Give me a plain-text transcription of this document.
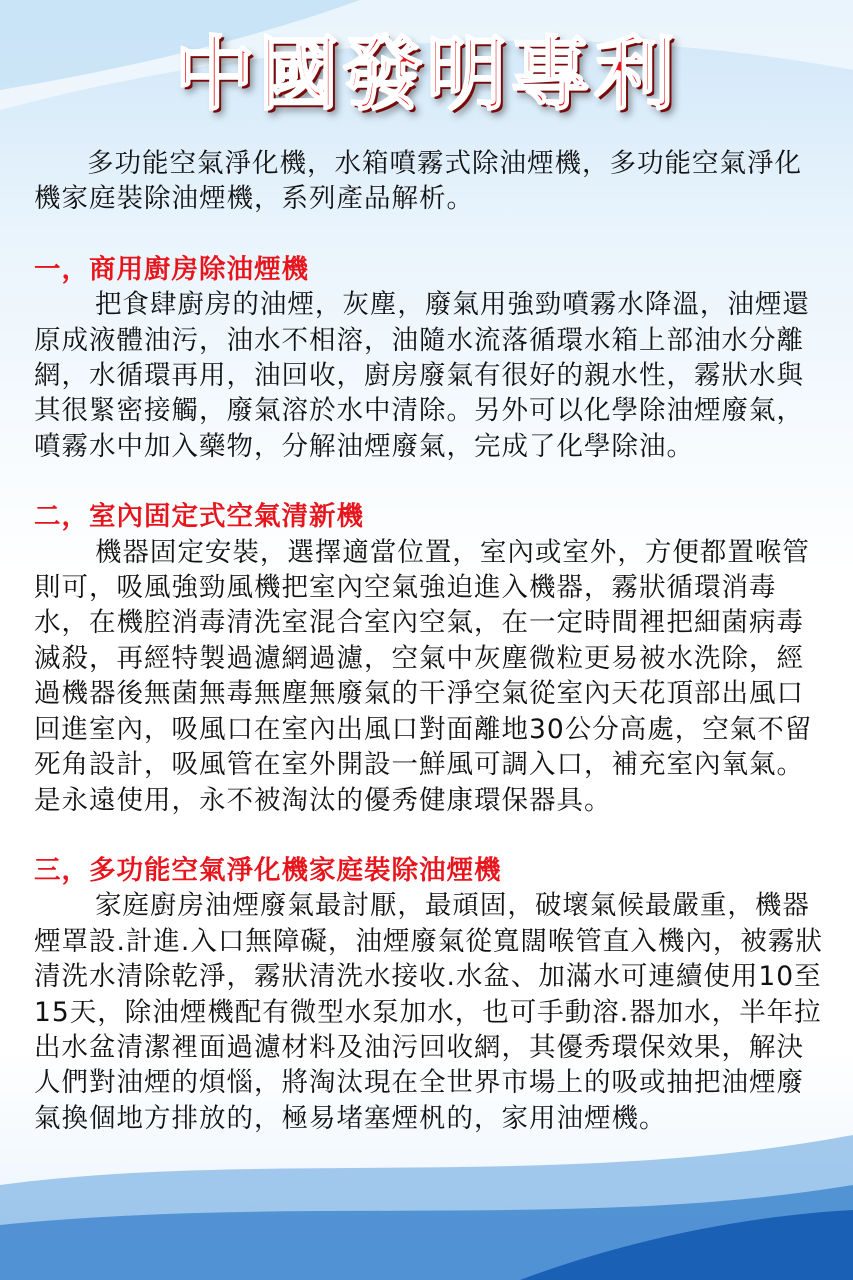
中國發明專利

多功能空氣淨化機，水箱噴霧式除油煙機，多功能空氣淨化機家庭裝除油煙機，系列產品解析。

一，商用廚房除油煙機

把食肆廚房的油煙，灰塵，廢氣用強勁噴霧水降溫，油煙還原成液體油污，油水不相溶，油隨水流落循環水箱上部油水分離網，水循環再用，油回收，廚房廢氣有很好的親水性，霧狀水與其很緊密接觸，廢氣溶於水中清除。另外可以化學除油煙廢氣，噴霧水中加入藥物，分解油煙廢氣，完成了化學除油。

二，室內固定式空氣清新機

機器固定安裝，選擇適當位置，室內或室外，方便都置喉管則可，吸風強勁風機把室內空氣強迫進入機器，霧狀循環消毒水，在機腔消毒清洗室混合室內空氣，在一定時間裡把細菌病毒滅殺，再經特製過濾網過濾，空氣中灰塵微粒更易被水洗除，經過機器後無菌無毒無塵無廢氣的干淨空氣從室內天花頂部出風口回進室內，吸風口在室內出風口對面離地30公分高處，空氣不留死角設計，吸風管在室外開設一鮮風可調入口，補充室內氧氣。是永遠使用，永不被淘汰的優秀健康環保器具。

三，多功能空氣淨化機家庭裝除油煙機

家庭廚房油煙廢氣最討厭，最頑固，破壞氣候最嚴重，機器煙罩設.計進.入口無障礙，油煙廢氣從寬闊喉管直入機內，被霧狀清洗水清除乾淨，霧狀清洗水接收.水盆、加滿水可連續使用10至15天，除油煙機配有微型水泵加水，也可手動溶.器加水，半年拉出水盆清潔裡面過濾材料及油污回收網，其優秀環保效果，解決人們對油煙的煩惱，將淘汰現在全世界市場上的吸或抽把油煙廢氣換個地方排放的，極易堵塞煙杋的，家用油煙機。
